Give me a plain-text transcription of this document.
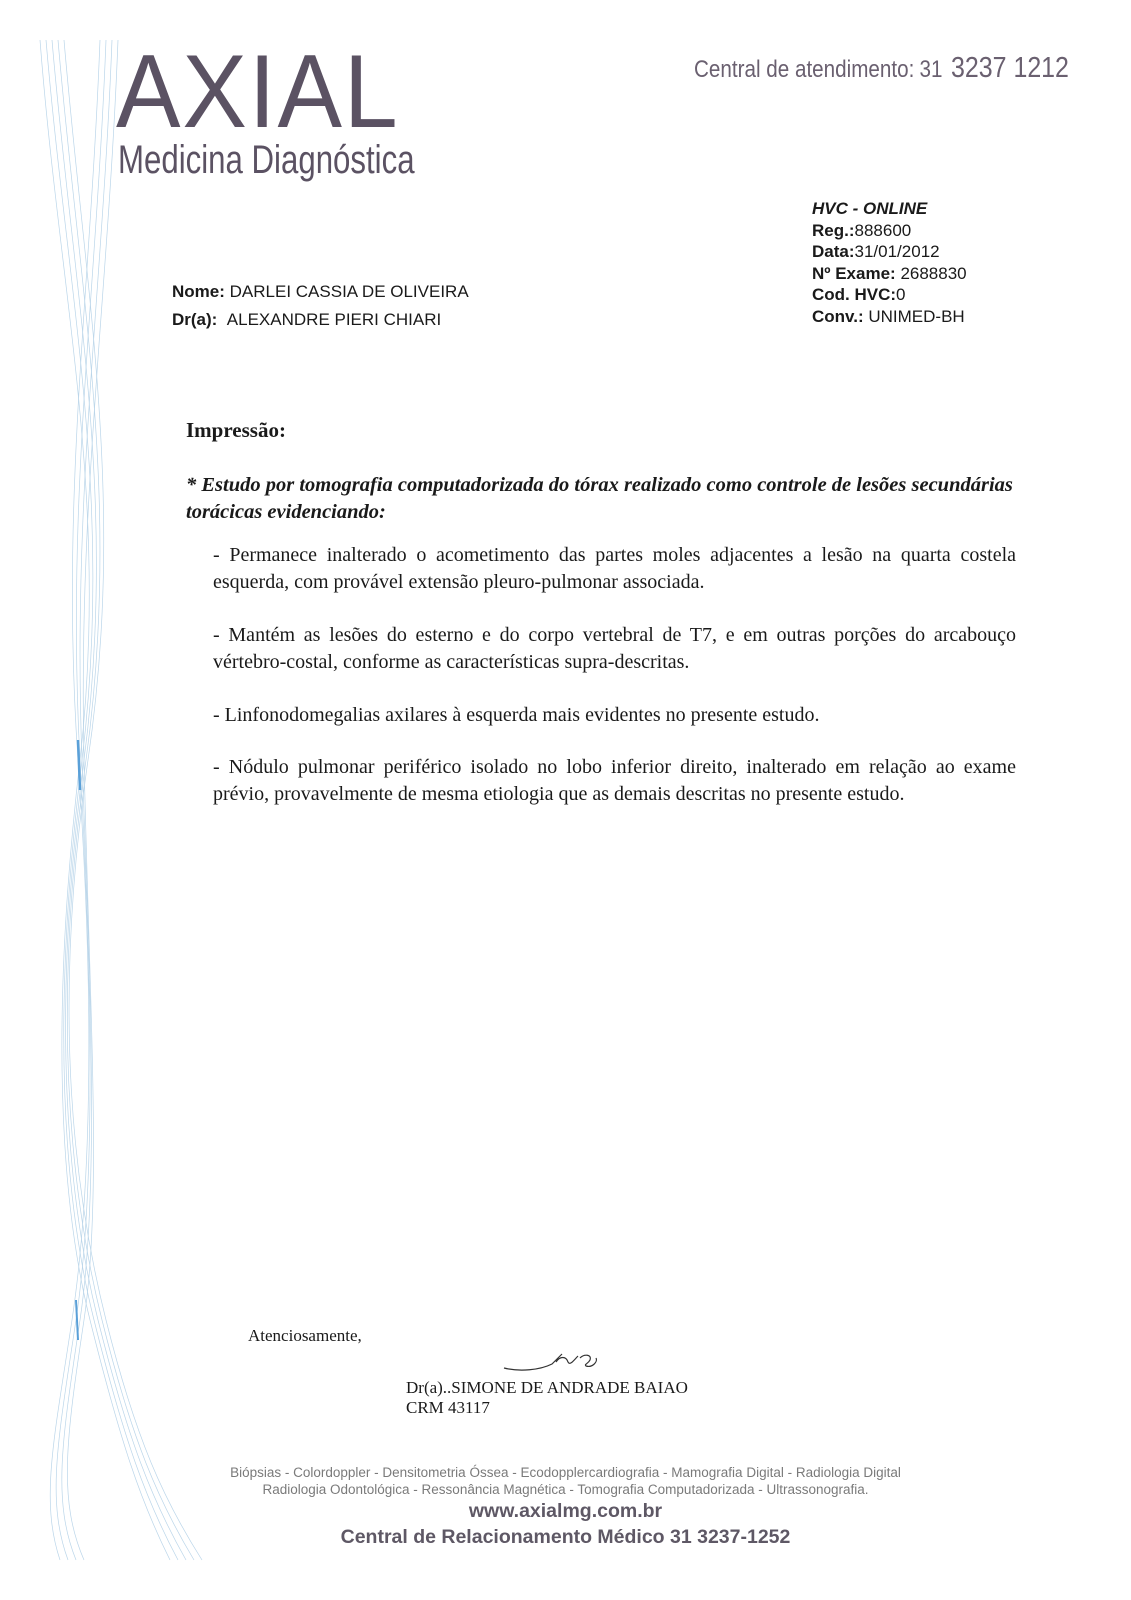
AXIAL
Medicina Diagnóstica
Central de atendimento: 31 3237 1212
HVC - ONLINE
Reg.:888600
Data:31/01/2012
Nº Exame: 2688830
Cod. HVC:0
Conv.: UNIMED-BH
Nome: DARLEI CASSIA DE OLIVEIRA
Dr(a): ALEXANDRE PIERI CHIARI
Impressão:
* Estudo por tomografia computadorizada do tórax realizado como controle de lesões secundárias torácicas evidenciando:
- Permanece inalterado o acometimento das partes moles adjacentes a lesão na quarta costela esquerda, com provável extensão pleuro-pulmonar associada.
- Mantém as lesões do esterno e do corpo vertebral de T7, e em outras porções do arcabouço vértebro-costal, conforme as características supra-descritas.
- Linfonodomegalias axilares à esquerda mais evidentes no presente estudo.
- Nódulo pulmonar periférico isolado no lobo inferior direito, inalterado em relação ao exame prévio, provavelmente de mesma etiologia que as demais descritas no presente estudo.
Atenciosamente,
Dr(a)..SIMONE DE ANDRADE BAIAO
CRM 43117
Biópsias - Colordoppler - Densitometria Óssea - Ecodopplercardiografia - Mamografia Digital - Radiologia Digital
Radiologia Odontológica - Ressonância Magnética - Tomografia Computadorizada - Ultrassonografia.
www.axialmg.com.br
Central de Relacionamento Médico 31 3237-1252
